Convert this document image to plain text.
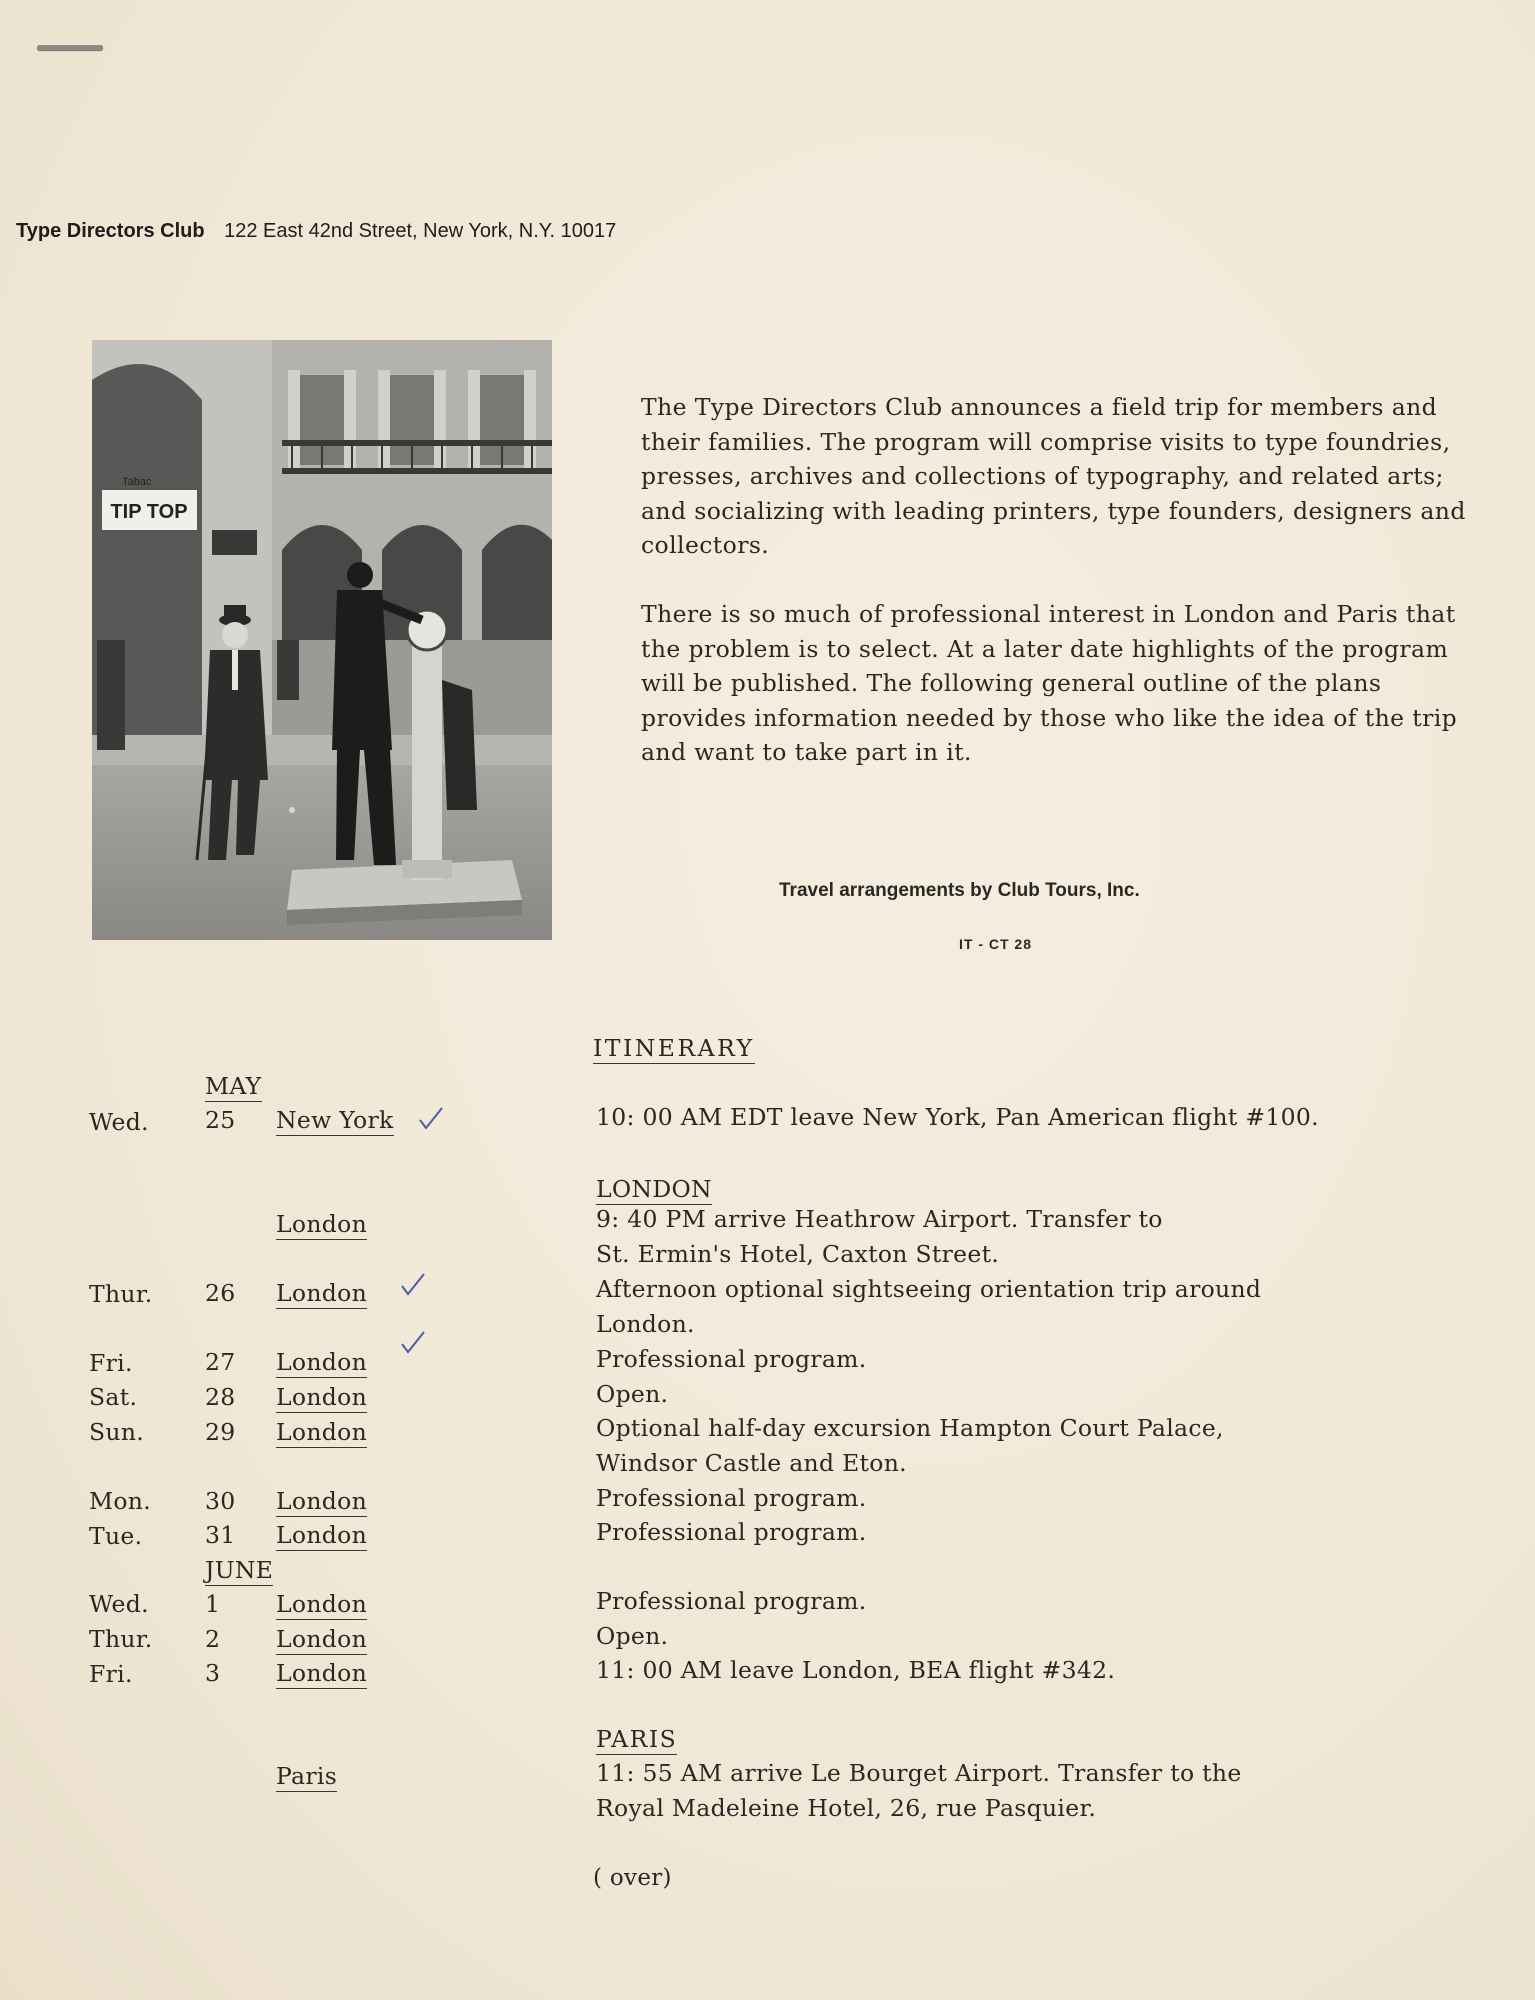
Type Directors Club 122 East 42nd Street, New York, N.Y. 10017
TIP TOP
Tabac

The Type Directors Club announces a field trip for members and their families. The program will comprise visits to type foundries, presses, archives and collections of typography, and related arts; and socializing with leading printers, type founders, designers and collectors.

There is so much of professional interest in London and Paris that the problem is to select. At a later date highlights of the program will be published. The following general outline of the plans provides information needed by those who like the idea of the trip and want to take part in it.

Travel arrangements by Club Tours, Inc.
IT - CT 28
ITINERARY
MAY
Wed. 25 New York	10: 00 AM EDT leave New York, Pan American flight #100.
LONDON
London	9: 40 PM arrive Heathrow Airport. Transfer to
St. Ermin's Hotel, Caxton Street.
Thur. 26 London	Afternoon optional sightseeing orientation trip around
London.
Fri.	27 London	Professional program.
Sat.	28 London	Open.
Sun.	29 London	Optional half-day excursion Hampton Court Palace,
Windsor Castle and Eton.
Mon. 30 London	Professional program.
Tue.	31 London	Professional program.
JUNE
Wed. 1 London	Professional program.
Thur. 2 London	Open.
Fri.	3 London	11: 00 AM leave London, BEA flight #342.
PARIS
Paris	11: 55 AM arrive Le Bourget Airport. Transfer to the
Royal Madeleine Hotel, 26, rue Pasquier.
( over)
